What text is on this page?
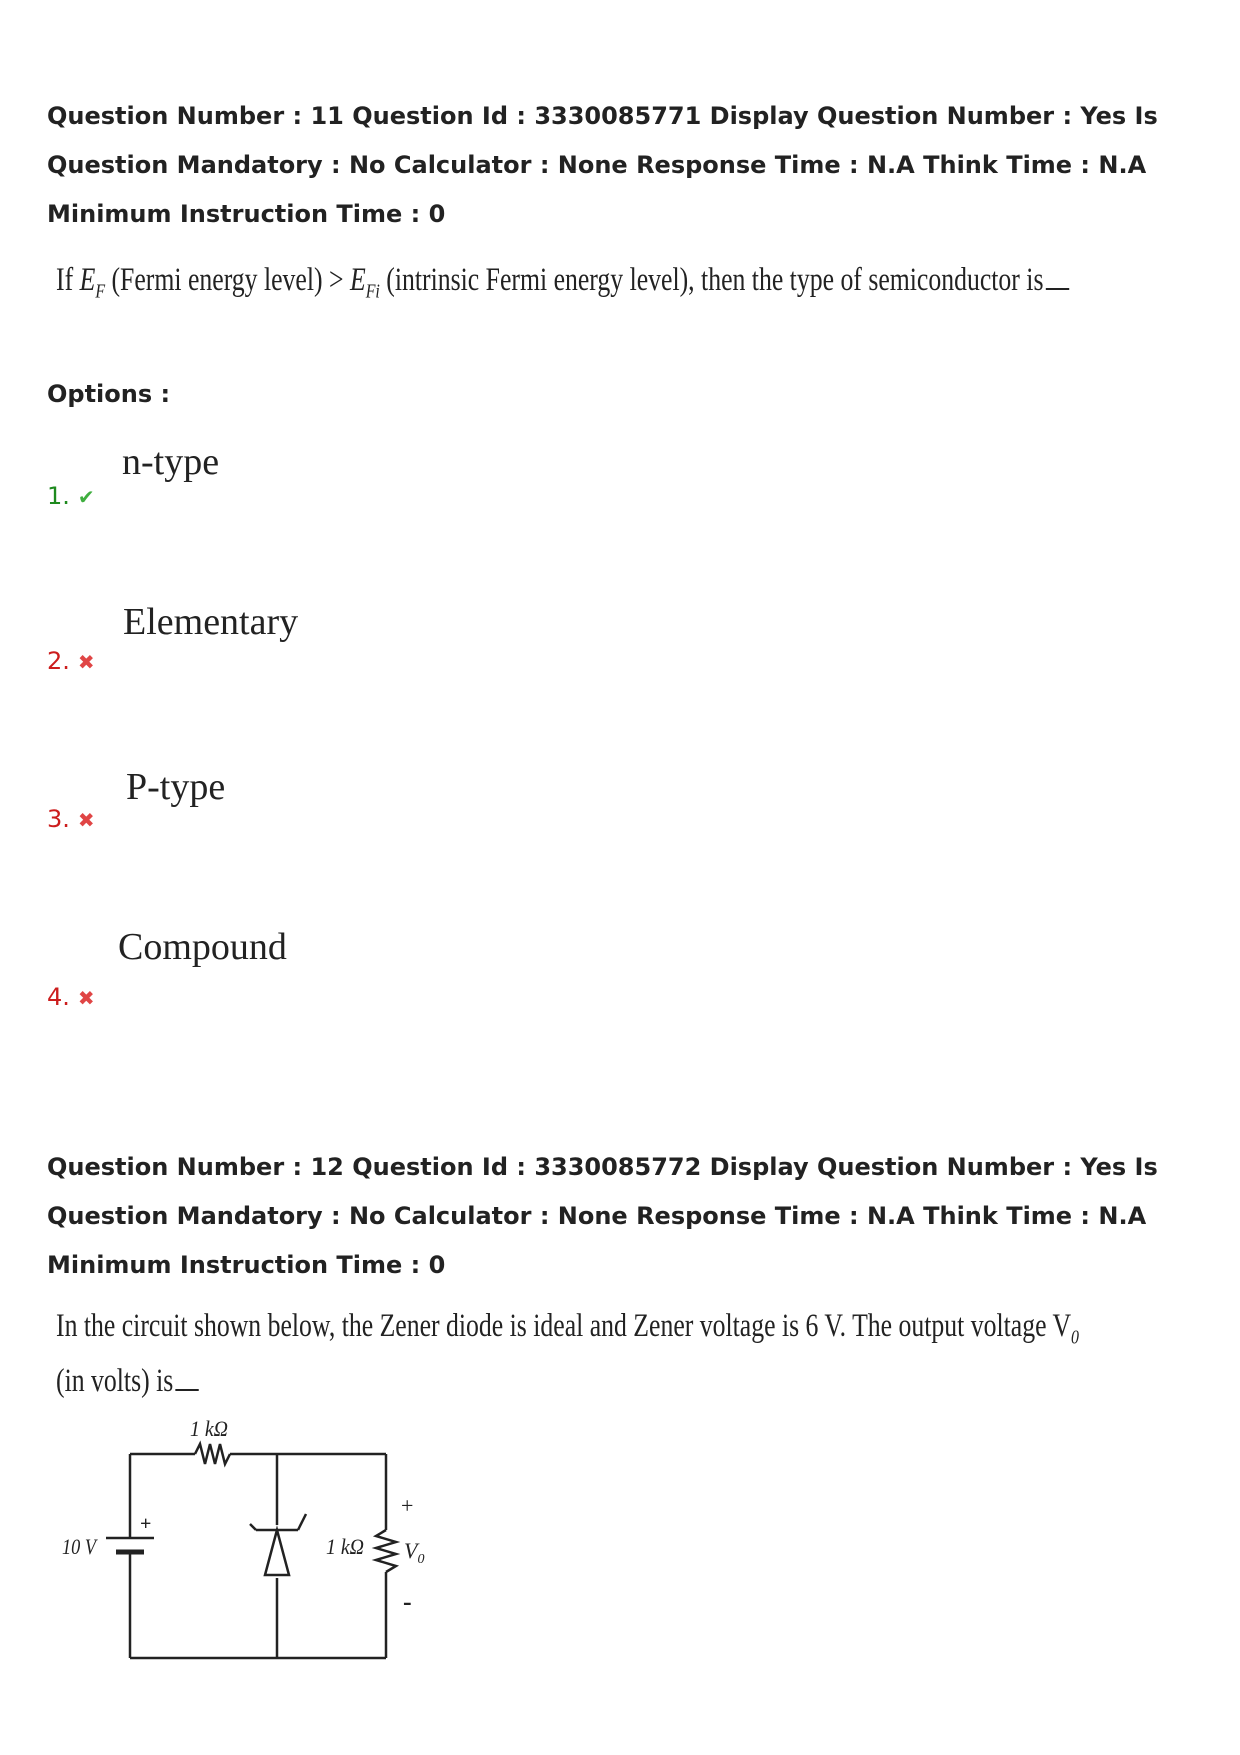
Question Number : 11 Question Id : 3330085771 Display Question Number : Yes Is Question Mandatory : No Calculator : None Response Time : N.A Think Time : N.A Minimum Instruction Time : 0
If $E_F$ (Fermi energy level) > $E_{Fi}$ (intrinsic Fermi energy level), then the type of semiconductor is
Options :
n-type
1. ✔
Elementary
2. ✖
P-type
3. ✖
Compound
4. ✖
Question Number : 12 Question Id : 3330085772 Display Question Number : Yes Is Question Mandatory : No Calculator : None Response Time : N.A Think Time : N.A Minimum Instruction Time : 0
In the circuit shown below, the Zener diode is ideal and Zener voltage is 6 V. The output voltage $V_0$
(in volts) is
1 kΩ
10 V
+
1 kΩ
+
-
$V_0$
